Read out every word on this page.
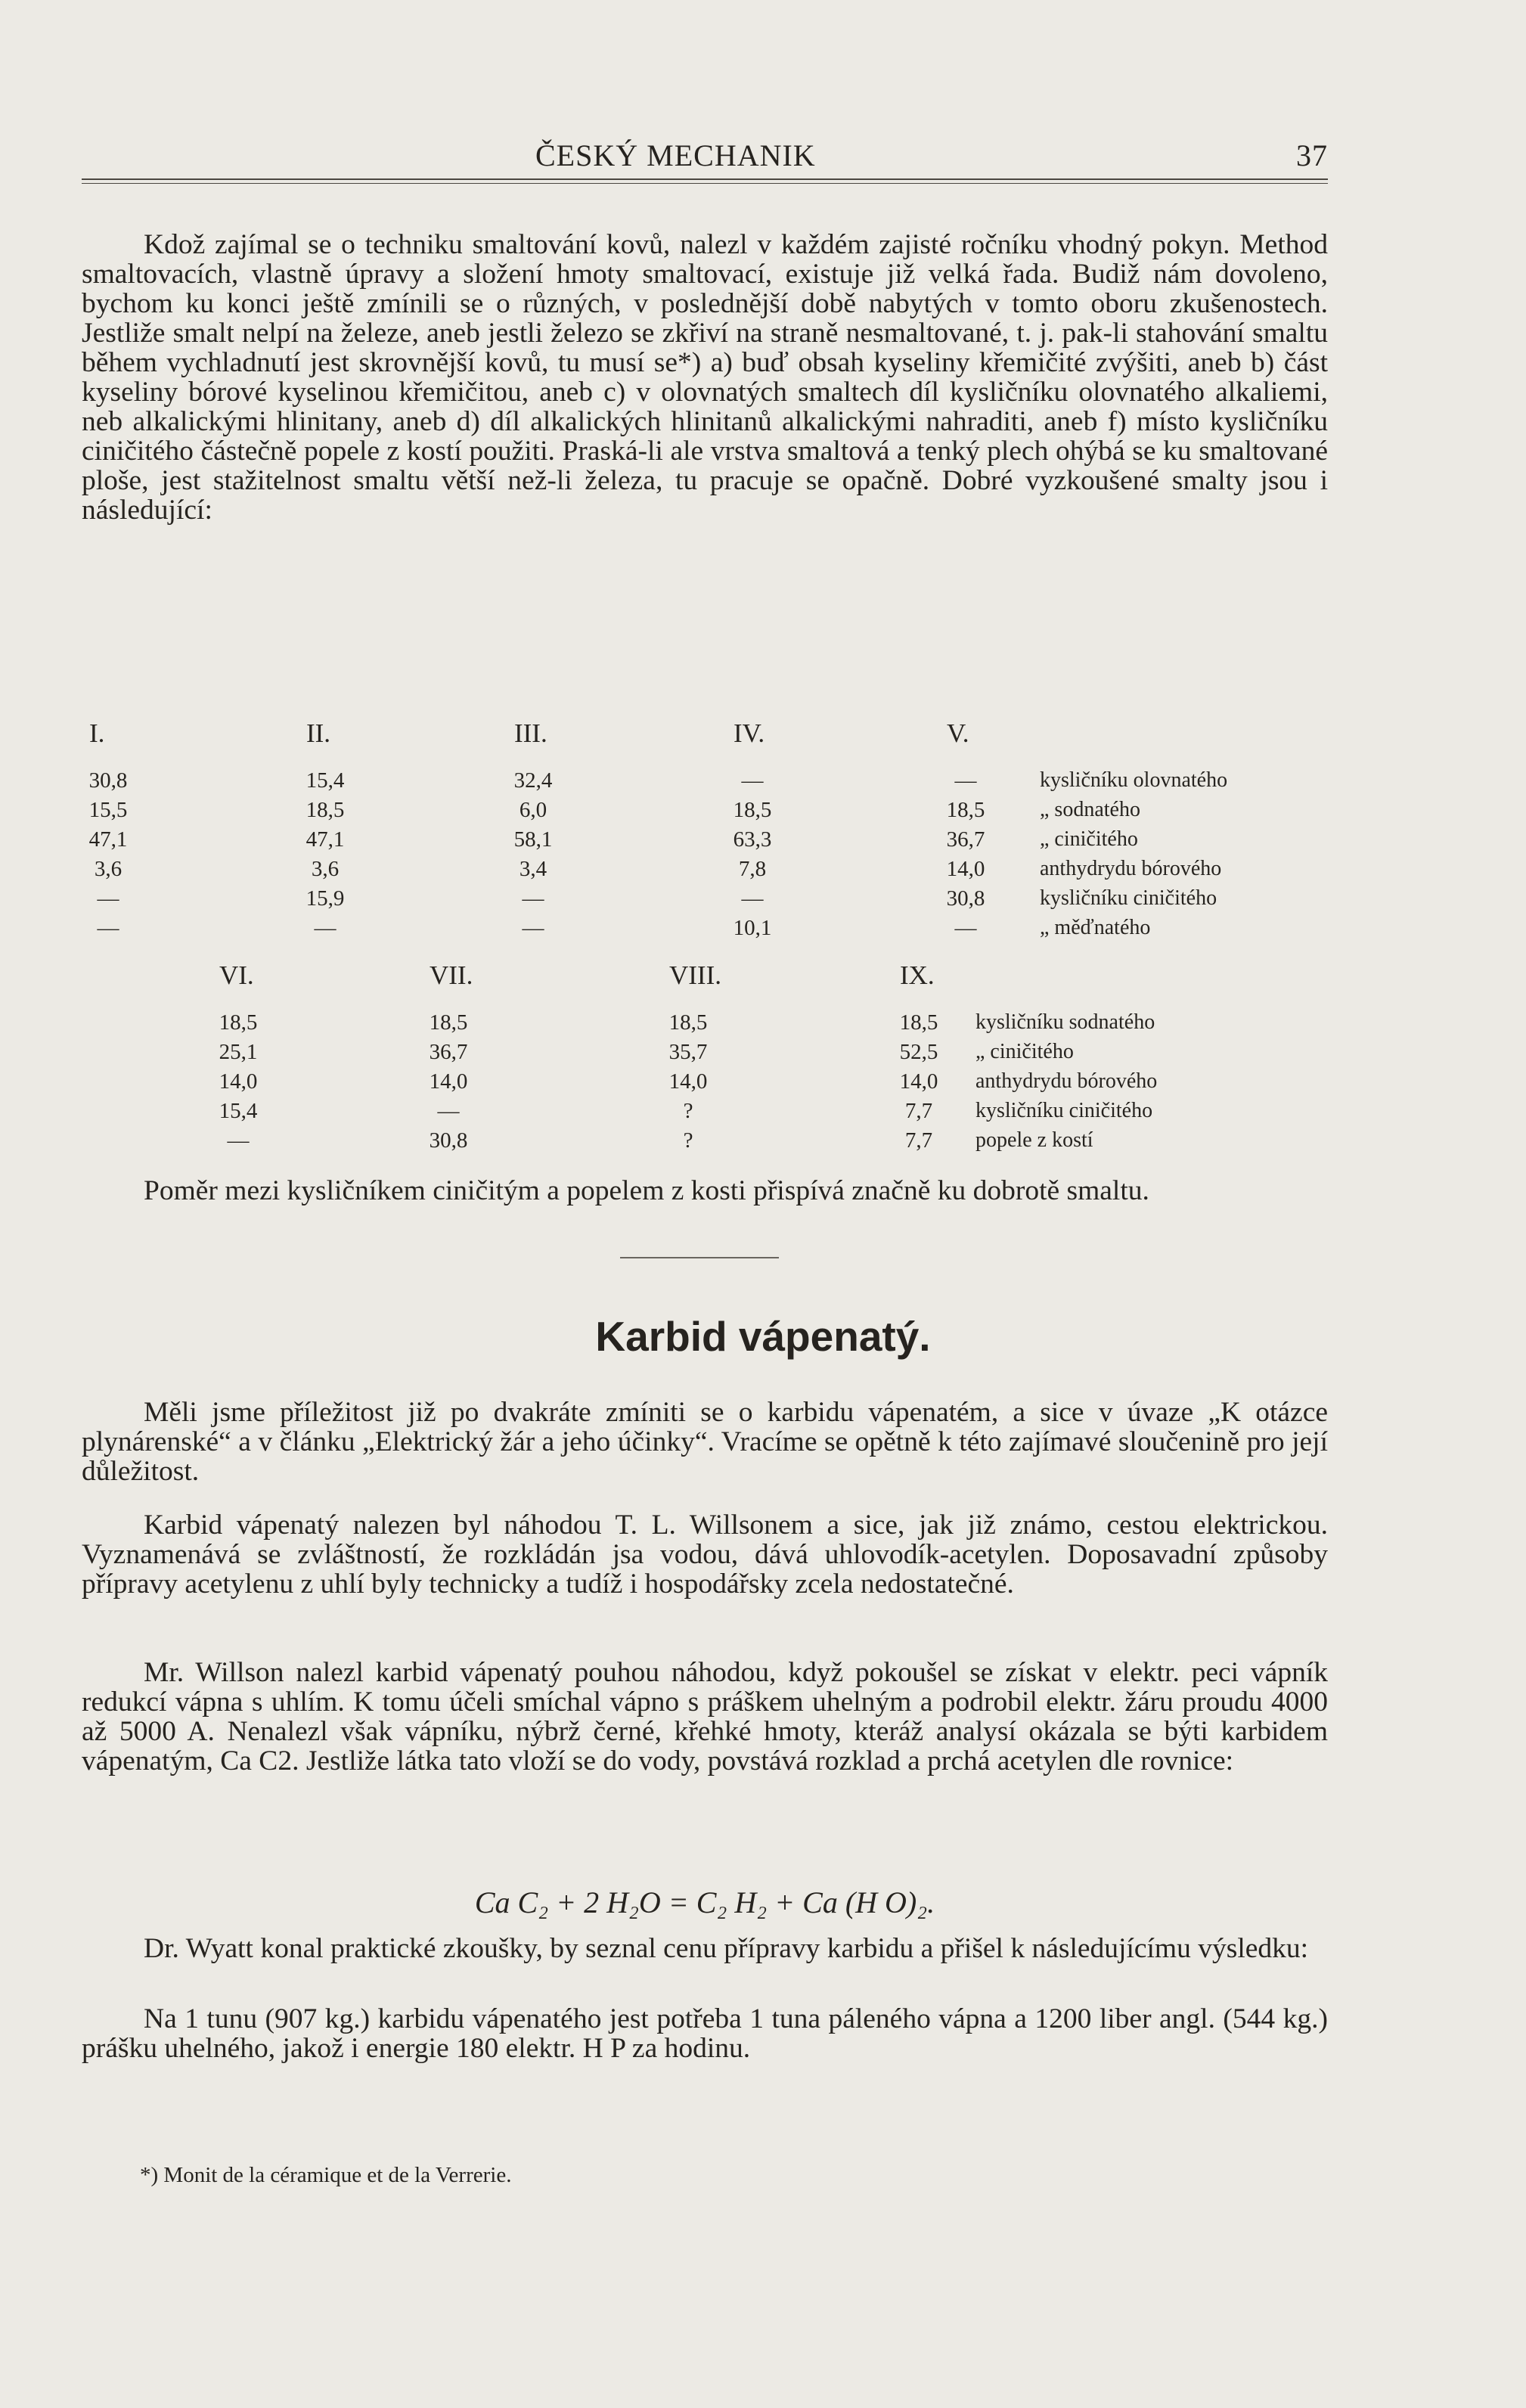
ČESKÝ MECHANIK	37
Kdož zajímal se o techniku smaltování kovů, nalezl v každém zajisté ročníku vhodný pokyn. Method smaltovacích, vlastně úpravy a složení hmoty smaltovací, existuje již velká řada. Budiž nám dovoleno, bychom ku konci ještě zmínili se o různých, v poslednější době nabytých v tomto oboru zkušenostech. Jestliže smalt nelpí na železe, aneb jestli železo se zkřiví na straně nesmaltované, t. j. pak-li stahování smaltu během vychladnutí jest skrovnější kovů, tu musí se*) a) buď obsah kyseliny křemičité zvýšiti, aneb b) část kyseliny bórové kyselinou křemičitou, aneb c) v olovnatých smaltech díl kysličníku olovnatého alkaliemi, neb alkalickými hlinitany, aneb d) díl alkalických hlinitanů alkalickými nahraditi, aneb f) místo kysličníku ciničitého částečně popele z kostí použiti. Praská-li ale vrstva smaltová a tenký plech ohýbá se ku smaltované ploše, jest stažitelnost smaltu větší než-li železa, tu pracuje se opačně. Dobré vyzkoušené smalty jsou i následující:
I.	II.	III.	IV.	V.
30,8	15,4	32,4	—	—	kysličníku olovnatého
15,5	18,5	6,0	18,5	18,5	„ sodnatého
47,1	47,1	58,1	63,3	36,7	„ ciničitého
3,6	3,6	3,4	7,8	14,0	anthydrydu bórového
—	15,9	—	—	30,8	kysličníku ciničitého
—	—	—	10,1	—	„ měďnatého
VI.	VII.	VIII.	IX.
18,5	18,5	18,5	18,5	kysličníku sodnatého
25,1	36,7	35,7	52,5	„ ciničitého
14,0	14,0	14,0	14,0	anthydrydu bórového
15,4	—	?	7,7	kysličníku ciničitého
—	30,8	?	7,7	popele z kostí
Poměr mezi kysličníkem ciničitým a popelem z kosti přispívá značně ku dobrotě smaltu.
Karbid vápenatý.
Měli jsme příležitost již po dvakráte zmíniti se o karbidu vápenatém, a sice v úvaze „K otázce plynárenské“ a v článku „Elektrický žár a jeho účinky“. Vracíme se opětně k této zajímavé sloučenině pro její důležitost.
Karbid vápenatý nalezen byl náhodou T. L. Willsonem a sice, jak již známo, cestou elektrickou. Vyznamenává se zvláštností, že rozkládán jsa vodou, dává uhlovodík-acetylen. Doposavadní způsoby přípravy acetylenu z uhlí byly technicky a tudíž i hospodářsky zcela nedostatečné.
Mr. Willson nalezl karbid vápenatý pouhou náhodou, když pokoušel se získat v elektr. peci vápník redukcí vápna s uhlím. K tomu účeli smíchal vápno s práškem uhelným a podrobil elektr. žáru proudu 4000 až 5000 A. Nenalezl však vápníku, nýbrž černé, křehké hmoty, kteráž analysí okázala se býti karbidem vápenatým, Ca C2. Jestliže látka tato vloží se do vody, povstává rozklad a prchá acetylen dle rovnice:
Ca C₂ + 2 H₂O = C₂ H₂ + Ca (H O)₂.
Dr. Wyatt konal praktické zkoušky, by seznal cenu přípravy karbidu a přišel k následujícímu výsledku:
Na 1 tunu (907 kg.) karbidu vápenatého jest potřeba 1 tuna páleného vápna a 1200 liber angl. (544 kg.) prášku uhelného, jakož i energie 180 elektr. H P za hodinu.
*) Monit de la céramique et de la Verrerie.
